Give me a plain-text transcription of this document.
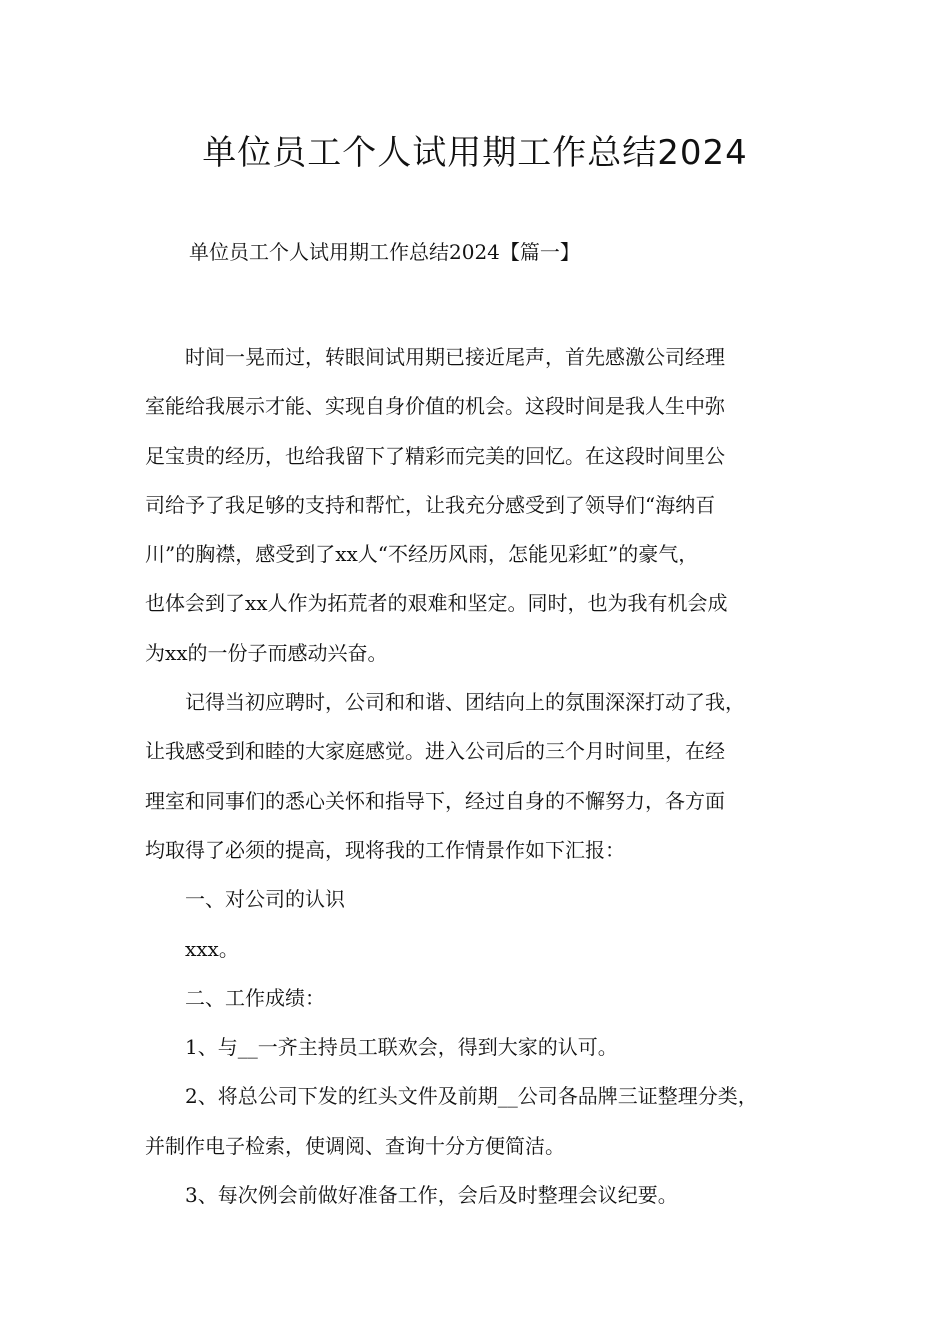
单位员工个人试用期工作总结2024
单位员工个人试用期工作总结2024【篇一】

时间一晃而过，转眼间试用期已接近尾声，首先感激公司经理
室能给我展示才能、实现自身价值的机会。这段时间是我人生中弥
足宝贵的经历，也给我留下了精彩而完美的回忆。在这段时间里公
司给予了我足够的支持和帮忙，让我充分感受到了领导们“海纳百
川”的胸襟，感受到了xx人“不经历风雨，怎能见彩虹”的豪气，
也体会到了xx人作为拓荒者的艰难和坚定。同时，也为我有机会成
为xx的一份子而感动兴奋。

记得当初应聘时，公司和和谐、团结向上的氛围深深打动了我，
让我感受到和睦的大家庭感觉。进入公司后的三个月时间里，在经
理室和同事们的悉心关怀和指导下，经过自身的不懈努力，各方面
均取得了必须的提高，现将我的工作情景作如下汇报：

一、对公司的认识

xxx。

二、工作成绩：

1、与__一齐主持员工联欢会，得到大家的认可。

2、将总公司下发的红头文件及前期__公司各品牌三证整理分类，
并制作电子检索，使调阅、查询十分方便简洁。

3、每次例会前做好准备工作，会后及时整理会议纪要。
